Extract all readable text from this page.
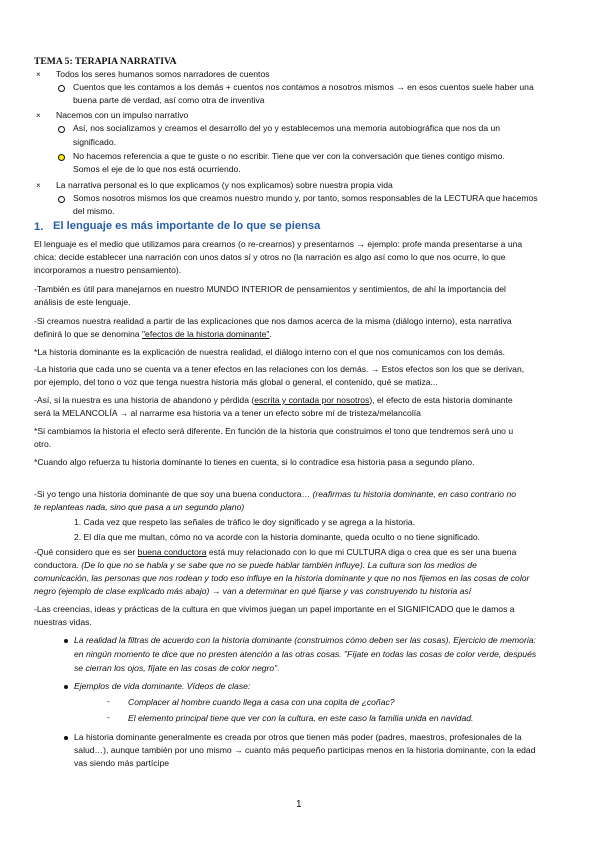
TEMA 5: TERAPIA NARRATIVA
× Todos los seres humanos somos narradores de cuentos
Cuentos que les contamos a los demás + cuentos nos contamos a nosotros mismos → en esos cuentos suele haber una
buena parte de verdad, así como otra de inventiva
× Nacemos con un impulso narrativo
Así, nos socializamos y creamos el desarrollo del yo y establecemos una memoria autobiográfica que nos da un
significado.
No hacemos referencia a que te guste o no escribir. Tiene que ver con la conversación que tienes contigo mismo.
Somos el eje de lo que nos está ocurriendo.
× La narrativa personal es lo que explicamos (y nos explicamos) sobre nuestra propia vida
Somos nosotros mismos los que creamos nuestro mundo y, por tanto, somos responsables de la LECTURA que hacemos
del mismo.
1. El lenguaje es más importante de lo que se piensa
El lenguaje es el medio que utilizamos para crearnos (o re-crearnos) y presentarnos → ejemplo: profe manda presentarse a una
chica: decide establecer una narración con unos datos sí y otros no (la narración es algo así como lo que nos ocurre, lo que
incorporamos a nuestro pensamiento).
-También es útil para manejarnos en nuestro MUNDO INTERIOR de pensamientos y sentimientos, de ahí la importancia del
análisis de este lenguaje.
-Si creamos nuestra realidad a partir de las explicaciones que nos damos acerca de la misma (diálogo interno), esta narrativa
definirá lo que se denomina "efectos de la historia dominante".
*La historia dominante es la explicación de nuestra realidad, el diálogo interno con el que nos comunicamos con los demás.
-La historia que cada uno se cuenta va a tener efectos en las relaciones con los demás. → Estos efectos son los que se derivan,
por ejemplo, del tono o voz que tenga nuestra historia más global o general, el contenido, qué se matiza...
-Así, si la nuestra es una historia de abandono y pérdida (escrita y contada por nosotros), el efecto de esta historia dominante
será la MELANCOLÍA → al narrarme esa historia va a tener un efecto sobre mí de tristeza/melancolía
*Si cambiamos la historia el efecto será diferente. En función de la historia que construimos el tono que tendremos será uno u
otro.
*Cuando algo refuerza tu historia dominante lo tienes en cuenta, si lo contradice esa historia pasa a segundo plano.
-Si yo tengo una historia dominante de que soy una buena conductora… (reafirmas tu historia dominante, en caso contrario no
te replanteas nada, sino que pasa a un segundo plano)
1. Cada vez que respeto las señales de tráfico le doy significado y se agrega a la historia.
2. El día que me multan, cómo no va acorde con la historia dominante, queda oculto o no tiene significado.
-Qué considero que es ser buena conductora está muy relacionado con lo que mi CULTURA diga o crea que es ser una buena
conductora. (De lo que no se habla y se sabe que no se puede hablar también influye). La cultura son los medios de
comunicación, las personas que nos rodean y todo eso influye en la historia dominante y que no nos fijemos en las cosas de color
negro (ejemplo de clase explicado más abajo) → van a determinar en qué fijarse y vas construyendo tu historia así
-Las creencias, ideas y prácticas de la cultura en que vivimos juegan un papel importante en el SIGNIFICADO que le damos a
nuestras vidas.
La realidad la filtras de acuerdo con la historia dominante (construimos cómo deben ser las cosas). Ejercicio de memoria:
en ningún momento te dice que no presten atención a las otras cosas. "Fíjate en todas las cosas de color verde, después
se cierran los ojos, fíjate en las cosas de color negro".
Ejemplos de vida dominante. Vídeos de clase:
- Complacer al hombre cuando llega a casa con una copita de ¿coñac?
- El elemento principal tiene que ver con la cultura, en este caso la familia unida en navidad.
La historia dominante generalmente es creada por otros que tienen más poder (padres, maestros, profesionales de la
salud…), aunque también por uno mismo → cuanto más pequeño participas menos en la historia dominante, con la edad
vas siendo más partícipe
1
